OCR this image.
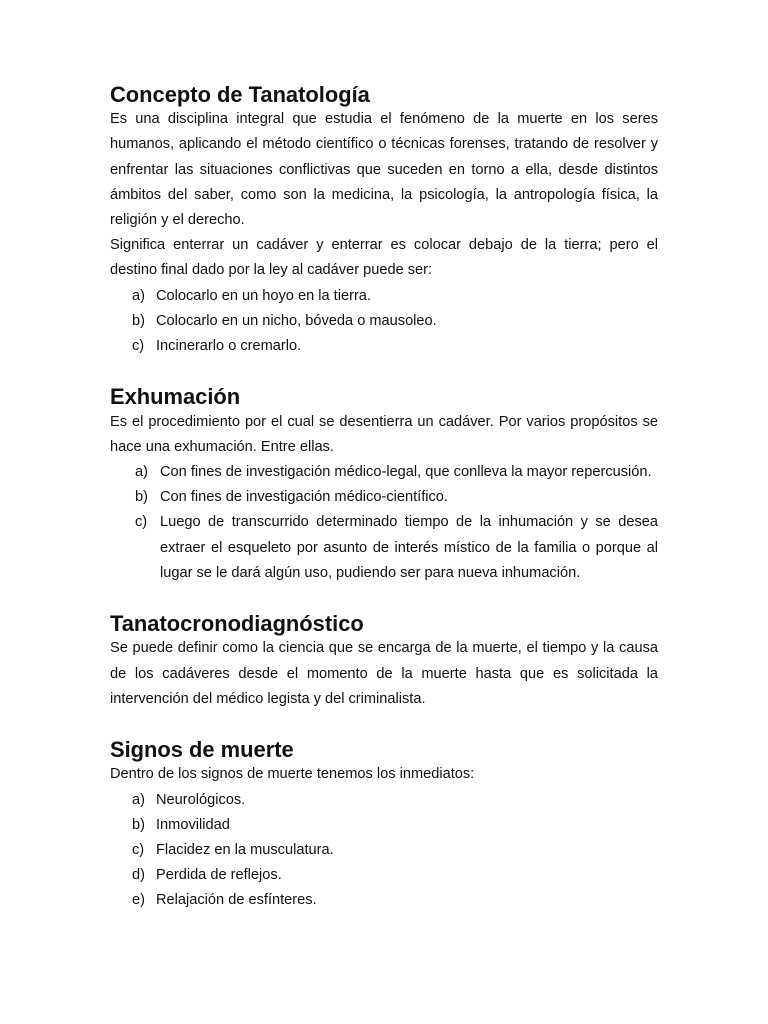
Concepto de Tanatología

Es una disciplina integral que estudia el fenómeno de la muerte en los seres humanos, aplicando el método científico o técnicas forenses, tratando de resolver y enfrentar las situaciones conflictivas que suceden en torno a ella, desde distintos ámbitos del saber, como son la medicina, la psicología, la antropología física, la religión y el derecho.

Significa enterrar un cadáver y enterrar es colocar debajo de la tierra; pero el destino final dado por la ley al cadáver puede ser:

a) Colocarlo en un hoyo en la tierra.
b) Colocarlo en un nicho, bóveda o mausoleo.
c) Incinerarlo o cremarlo.
Exhumación

Es el procedimiento por el cual se desentierra un cadáver. Por varios propósitos se hace una exhumación. Entre ellas.

a) Con fines de investigación médico-legal, que conlleva la mayor repercusión.
b) Con fines de investigación médico-científico.
c) Luego de transcurrido determinado tiempo de la inhumación y se desea extraer el esqueleto por asunto de interés místico de la familia o porque al lugar se le dará algún uso, pudiendo ser para nueva inhumación.
Tanatocronodiagnóstico

Se puede definir como la ciencia que se encarga de la muerte, el tiempo y la causa de los cadáveres desde el momento de la muerte hasta que es solicitada la intervención del médico legista y del criminalista.

Signos de muerte

Dentro de los signos de muerte tenemos los inmediatos:

a) Neurológicos.
b) Inmovilidad
c) Flacidez en la musculatura.
d) Perdida de reflejos.
e) Relajación de esfínteres.
